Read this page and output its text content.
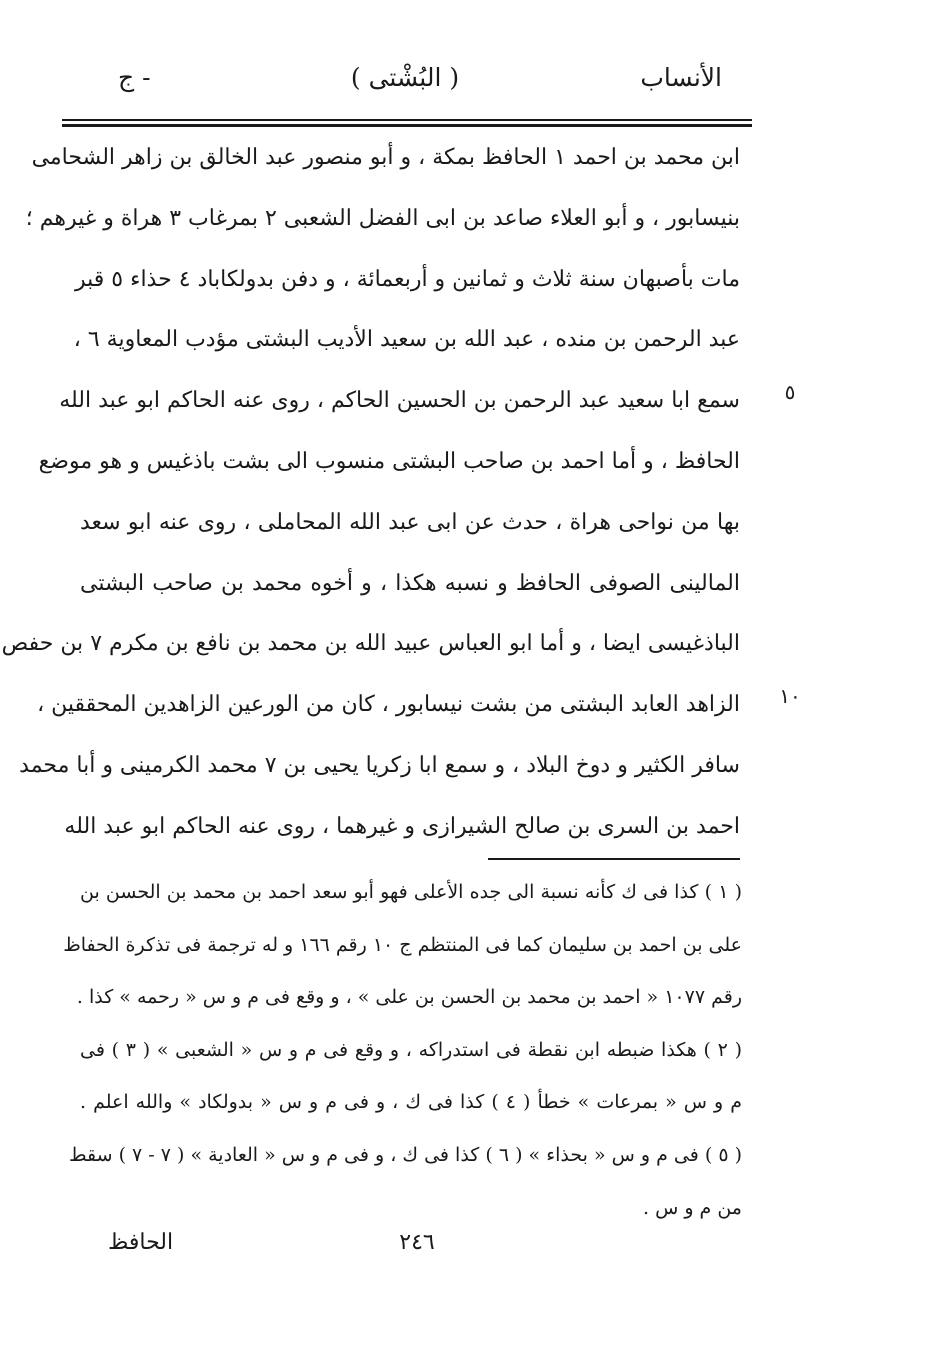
الأنساب
( البُشْتى )
ج -
ابن محمد بن احمد ١ الحافظ بمكة ، و أبو منصور عبد الخالق بن زاهر الشحامى
بنيسابور ، و أبو العلاء صاعد بن ابى الفضل الشعبى ٢ بمرغاب ٣ هراة و غيرهم ؛
مات بأصبهان سنة ثلاث و ثمانين و أربعمائة ، و دفن بدولكاباد ٤ حذاء ٥ قبر
عبد الرحمن بن منده ، عبد الله بن سعيد الأديب البشتى مؤدب المعاوية ٦ ،
سمع ابا سعيد عبد الرحمن بن الحسين الحاكم ، روى عنه الحاكم ابو عبد الله
الحافظ ، و أما احمد بن صاحب البشتى منسوب الى بشت باذغيس و هو موضع
بها من نواحى هراة ، حدث عن ابى عبد الله المحاملى ، روى عنه ابو سعد
المالينى الصوفى الحافظ و نسبه هكذا ، و أخوه محمد بن صاحب البشتى
الباذغيسى ايضا ، و أما ابو العباس عبيد الله بن محمد بن نافع بن مكرم ٧ بن حفص
الزاهد العابد البشتى من بشت نيسابور ، كان من الورعين الزاهدين المحققين ،
سافر الكثير و دوخ البلاد ، و سمع ابا زكريا يحيى بن ٧ محمد الكرمينى و أبا محمد
احمد بن السرى بن صالح الشيرازى و غيرهما ، روى عنه الحاكم ابو عبد الله
٥
١٠
( ١ ) كذا فى ك كأنه نسبة الى جده الأعلى فهو أبو سعد احمد بن محمد بن الحسن بن
على بن احمد بن سليمان كما فى المنتظم ج ١٠ رقم ١٦٦ و له ترجمة فى تذكرة الحفاظ
رقم ١٠٧٧ « احمد بن محمد بن الحسن بن على » ، و وقع فى م و س « رحمه » كذا .
( ٢ ) هكذا ضبطه ابن نقطة فى استدراكه ، و وقع فى م و س « الشعبى » ( ٣ ) فى
م و س « بمرعات » خطأ ( ٤ ) كذا فى ك ، و فى م و س « بدولكاد » والله اعلم .
( ٥ ) فى م و س « بحذاء » ( ٦ ) كذا فى ك ، و فى م و س « العادية » ( ٧ - ٧ ) سقط
من م و س .
٢٤٦
الحافظ
